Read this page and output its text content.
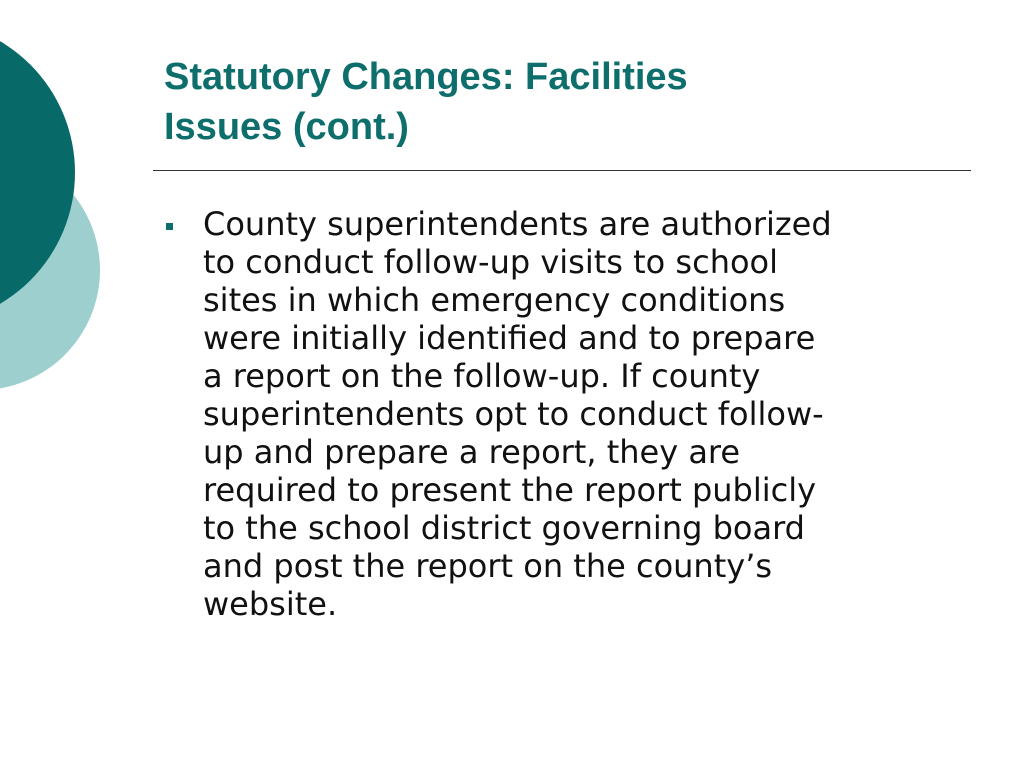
Statutory Changes: Facilities
Issues (cont.)
County superintendents are authorized
to conduct follow-up visits to school
sites in which emergency conditions
were initially identified and to prepare
a report on the follow-up. If county
superintendents opt to conduct follow-
up and prepare a report, they are
required to present the report publicly
to the school district governing board
and post the report on the county’s
website.
